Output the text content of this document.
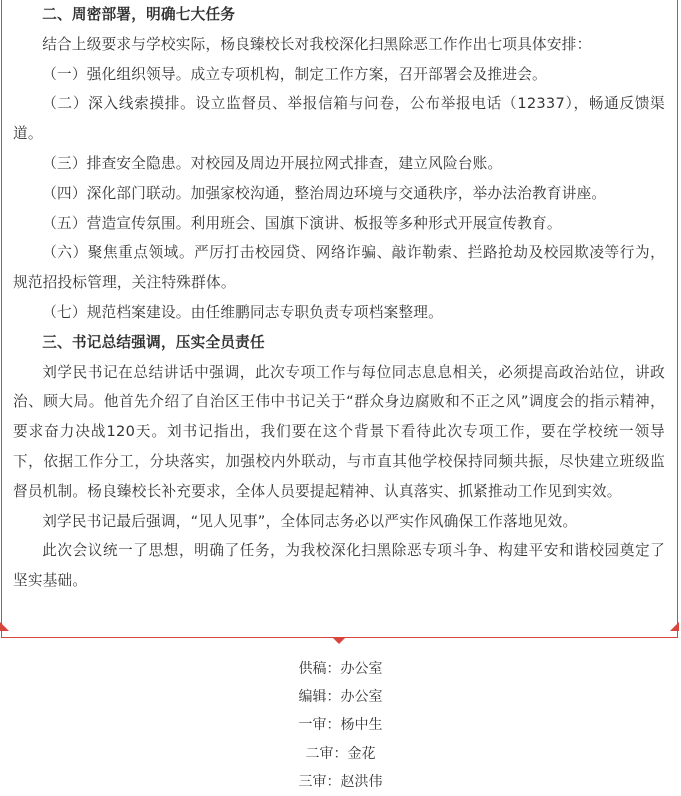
二、周密部署，明确七大任务

结合上级要求与学校实际，杨良臻校长对我校深化扫黑除恶工作作出七项具体安排：

（一）强化组织领导。成立专项机构，制定工作方案，召开部署会及推进会。

（二）深入线索摸排。设立监督员、举报信箱与问卷，公布举报电话（12337），畅通反馈渠道。

（三）排查安全隐患。对校园及周边开展拉网式排查，建立风险台账。

（四）深化部门联动。加强家校沟通，整治周边环境与交通秩序，举办法治教育讲座。

（五）营造宣传氛围。利用班会、国旗下演讲、板报等多种形式开展宣传教育。

（六）聚焦重点领域。严厉打击校园贷、网络诈骗、敲诈勒索、拦路抢劫及校园欺凌等行为，规范招投标管理，关注特殊群体。

（七）规范档案建设。由任维鹏同志专职负责专项档案整理。

三、书记总结强调，压实全员责任

刘学民书记在总结讲话中强调，此次专项工作与每位同志息息相关，必须提高政治站位，讲政治、顾大局。他首先介绍了自治区王伟中书记关于“群众身边腐败和不正之风”调度会的指示精神，要求奋力决战120天。刘书记指出，我们要在这个背景下看待此次专项工作，要在学校统一领导下，依据工作分工，分块落实，加强校内外联动，与市直其他学校保持同频共振，尽快建立班级监督员机制。杨良臻校长补充要求，全体人员要提起精神、认真落实、抓紧推动工作见到实效。

刘学民书记最后强调，“见人见事”，全体同志务必以严实作风确保工作落地见效。

此次会议统一了思想，明确了任务，为我校深化扫黑除恶专项斗争、构建平安和谐校园奠定了坚实基础。

供稿：办公室
编辑：办公室
一审：杨中生
二审：金花
三审：赵洪伟
